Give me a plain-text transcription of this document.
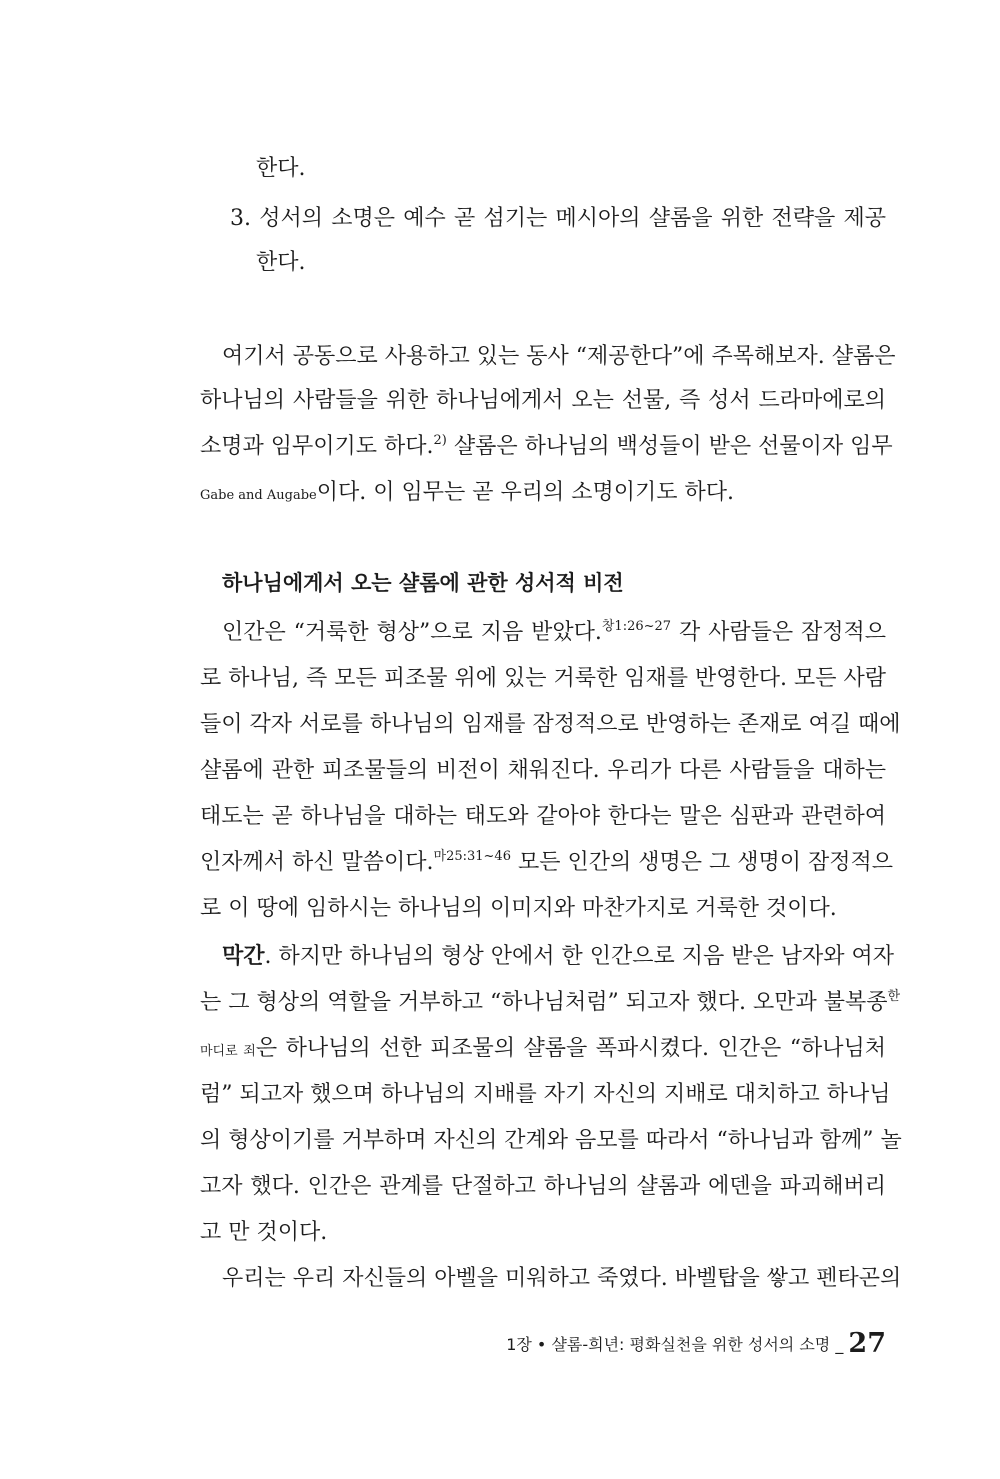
한다.
3. 성서의 소명은 예수 곧 섬기는 메시아의 샬롬을 위한 전략을 제공
한다.
여기서 공동으로 사용하고 있는 동사 “제공한다”에 주목해보자. 샬롬은
하나님의 사람들을 위한 하나님에게서 오는 선물, 즉 성서 드라마에로의
소명과 임무이기도 하다.$^{2)}$ 샬롬은 하나님의 백성들이 받은 선물이자 임무
Gabe and Augabe이다. 이 임무는 곧 우리의 소명이기도 하다.
하나님에게서 오는 샬롬에 관한 성서적 비전
인간은 “거룩한 형상”으로 지음 받았다.$^{창1:26\sim 27}$ 각 사람들은 잠정적으
로 하나님, 즉 모든 피조물 위에 있는 거룩한 임재를 반영한다. 모든 사람
들이 각자 서로를 하나님의 임재를 잠정적으로 반영하는 존재로 여길 때에
샬롬에 관한 피조물들의 비전이 채워진다. 우리가 다른 사람들을 대하는
태도는 곧 하나님을 대하는 태도와 같아야 한다는 말은 심판과 관련하여
인자께서 하신 말씀이다.$^{마25:31\sim 46}$ 모든 인간의 생명은 그 생명이 잠정적으
로 이 땅에 임하시는 하나님의 이미지와 마찬가지로 거룩한 것이다.
막간. 하지만 하나님의 형상 안에서 한 인간으로 지음 받은 남자와 여자
는 그 형상의 역할을 거부하고 “하나님처럼” 되고자 했다. 오만과 불복종$^한$
마디로 죄은 하나님의 선한 피조물의 샬롬을 폭파시켰다. 인간은 “하나님처
럼” 되고자 했으며 하나님의 지배를 자기 자신의 지배로 대치하고 하나님
의 형상이기를 거부하며 자신의 간계와 음모를 따라서 “하나님과 함께” 놀
고자 했다. 인간은 관계를 단절하고 하나님의 샬롬과 에덴을 파괴해버리
고 만 것이다.
우리는 우리 자신들의 아벨을 미워하고 죽였다. 바벨탑을 쌓고 펜타곤의
1장 • 샬롬-희년: 평화실천을 위한 성서의 소명 _ 27
